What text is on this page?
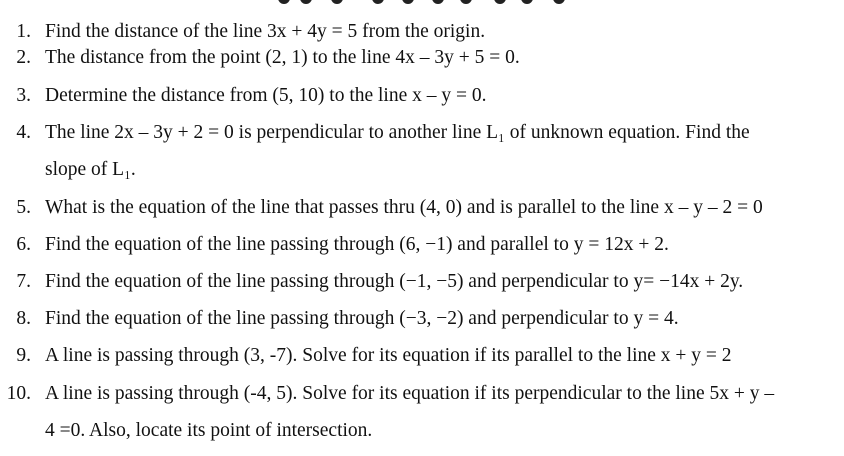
1. Find the distance of the line 3x + 4y = 5 from the origin.
2. The distance from the point (2, 1) to the line 4x – 3y + 5 = 0.
3. Determine the distance from (5, 10) to the line x – y = 0.
4. The line 2x – 3y + 2 = 0 is perpendicular to another line L₁ of unknown equation. Find the
slope of L₁.
5. What is the equation of the line that passes thru (4, 0) and is parallel to the line x – y – 2 = 0
6. Find the equation of the line passing through (6, −1) and parallel to y = 12x + 2.
7. Find the equation of the line passing through (−1, −5) and perpendicular to y= −14x + 2y.
8. Find the equation of the line passing through (−3, −2) and perpendicular to y = 4.
9. A line is passing through (3, -7). Solve for its equation if its parallel to the line x + y = 2
10. A line is passing through (-4, 5). Solve for its equation if its perpendicular to the line 5x + y –
4 =0. Also, locate its point of intersection.
